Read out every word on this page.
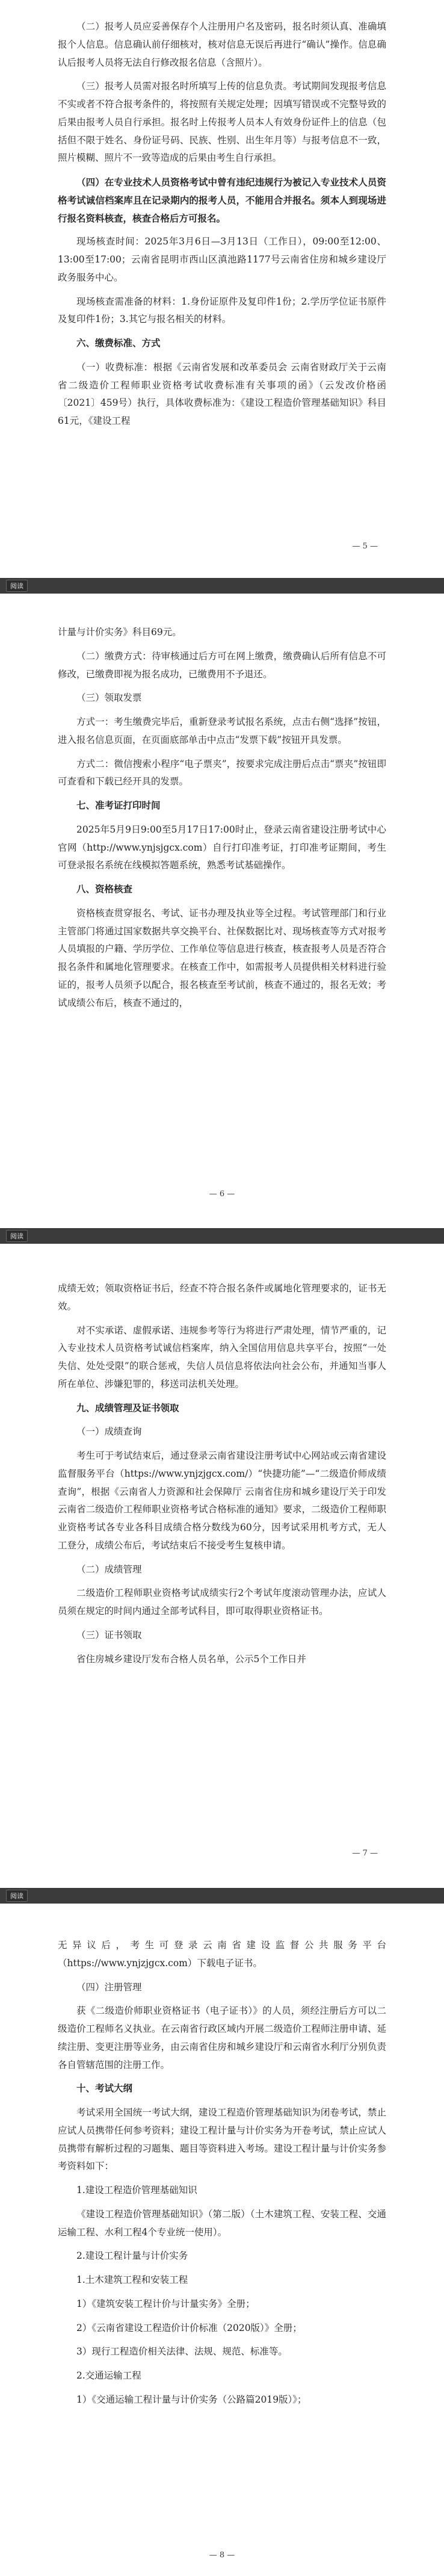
（二）报考人员应妥善保存个人注册用户名及密码，报名时须认真、准确填报个人信息。信息确认前仔细核对，核对信息无误后再进行“确认”操作。信息确认后报考人员将无法自行修改报名信息（含照片）。

（三）报考人员需对报名时所填写上传的信息负责。考试期间发现报考信息不实或者不符合报考条件的，将按照有关规定处理；因填写错误或不完整导致的后果由报考人员自行承担。报名时上传报考人员本人有效身份证件上的信息（包括但不限于姓名、身份证号码、民族、性别、出生年月等）与报考信息不一致，照片模糊、照片不一致等造成的后果由考生自行承担。

（四）在专业技术人员资格考试中曾有违纪违规行为被记入专业技术人员资格考试诚信档案库且在记录期内的报考人员，不能用合并报名。须本人到现场进行报名资料核查，核查合格后方可报名。

现场核查时间：2025年3月6日—3月13日（工作日），09:00至12:00、13:00至17:00；云南省昆明市西山区滇池路1177号云南省住房和城乡建设厅政务服务中心。

现场核查需准备的材料：1.身份证原件及复印件1份；2.学历学位证书原件及复印件1份；3.其它与报名相关的材料。

六、缴费标准、方式

（一）收费标准：根据《云南省发展和改革委员会 云南省财政厅关于云南省二级造价工程师职业资格考试收费标准有关事项的函》（云发改价格函〔2021〕459号）执行，具体收费标准为：《建设工程造价管理基础知识》科目61元，《建设工程

— 5 —
阅读

计量与计价实务》科目69元。

（二）缴费方式：待审核通过后方可在网上缴费，缴费确认后所有信息不可修改，已缴费即视为报名成功，已缴费用不予退还。

（三）领取发票

方式一：考生缴费完毕后，重新登录考试报名系统，点击右侧“选择”按钮，进入报名信息页面，在页面底部单击中点击“发票下载”按钮开具发票。

方式二：微信搜索小程序“电子票夹”，按要求完成注册后点击“票夹”按钮即可查看和下载已经开具的发票。

七、准考证打印时间

2025年5月9日9:00至5月17日17:00时止，登录云南省建设注册考试中心官网（http://www.ynjsjgcx.com）自行打印准考证，打印准考证期间，考生可登录报名系统在线模拟答题系统，熟悉考试基础操作。

八、资格核查

资格核查贯穿报名、考试、证书办理及执业等全过程。考试管理部门和行业主管部门将通过国家数据共享交换平台、社保数据比对、现场核查等方式对报考人员填报的户籍、学历学位、工作单位等信息进行核查，核查报考人员是否符合报名条件和属地化管理要求。在核查工作中，如需报考人员提供相关材料进行验证的，报考人员须予以配合，报名核查至考试前，核查不通过的，报名无效；考试成绩公布后，核查不通过的，

— 6 —
阅读

成绩无效；领取资格证书后，经查不符合报名条件或属地化管理要求的，证书无效。

对不实承诺、虚假承诺、违规参考等行为将进行严肃处理，情节严重的，记入专业技术人员资格考试诚信档案库，纳入全国信用信息共享平台，按照“一处失信、处处受限”的联合惩戒，失信人员信息将依法向社会公布，并通知当事人所在单位、涉嫌犯罪的，移送司法机关处理。

九、成绩管理及证书领取

（一）成绩查询

考生可于考试结束后，通过登录云南省建设注册考试中心网站或云南省建设监督服务平台（https://www.ynjzjgcx.com/）“快捷功能”—“二级造价师成绩查询”，根据《云南省人力资源和社会保障厅 云南省住房和城乡建设厅关于印发云南省二级造价工程师职业资格考试合格标准的通知》要求，二级造价工程师职业资格考试各专业各科目成绩合格分数线为60分，因考试采用机考方式，无人工登分，成绩公布后，考试结束后不接受考生复核申请。

（二）成绩管理

二级造价工程师职业资格考试成绩实行2个考试年度滚动管理办法，应试人员须在规定的时间内通过全部考试科目，即可取得职业资格证书。

（三）证书领取

省住房城乡建设厅发布合格人员名单，公示5个工作日并

— 7 —
阅读

无异议后，考生可登录云南省建设监督公共服务平台（https://www.ynjzjgcx.com）下载电子证书。

（四）注册管理

获《二级造价师职业资格证书（电子证书）》的人员，须经注册后方可以二级造价工程师名义执业。在云南省行政区域内开展二级造价工程师注册申请、延续注册、变更注册等业务，由云南省住房和城乡建设厅和云南省水利厅分别负责各自管辖范围的注册工作。

十、考试大纲

考试采用全国统一考试大纲，建设工程造价管理基础知识为闭卷考试，禁止应试人员携带任何参考资料；建设工程计量与计价实务为开卷考试，禁止应试人员携带有解析过程的习题集、题目等资料进入考场。建设工程计量与计价实务参考资料如下：

1.建设工程造价管理基础知识

《建设工程造价管理基础知识》（第二版）（土木建筑工程、安装工程、交通运输工程、水利工程4个专业统一使用）。

2.建设工程计量与计价实务

1.土木建筑工程和安装工程

1）《建筑安装工程计价与计量实务》全册；

2）《云南省建设工程造价计价标准（2020版）》全册；

3）现行工程造价相关法律、法规、规范、标准等。

2.交通运输工程

1）《交通运输工程计量与计价实务（公路篇2019版）》；

— 8 —
